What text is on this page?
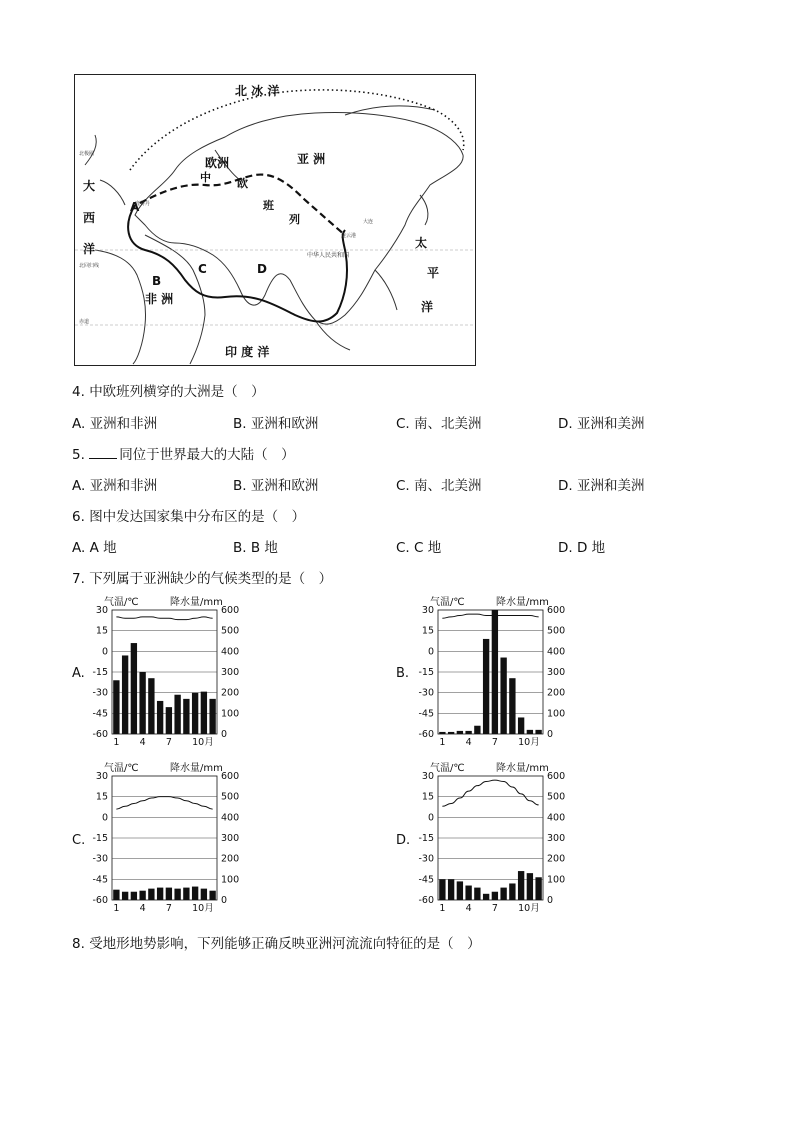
北 冰 洋
大
西
洋	太
平
洋
印 度 洋
欧洲	亚 洲
非 洲
中 欧
班
列
中华人民共和国
A
B
C	D
北极圈
鹿特丹
北回归线
赤道
连云港
大连
4. 中欧班列横穿的大洲是（　）
A. 亚洲和非洲	B. 亚洲和欧洲	C. 南、北美洲	D. 亚洲和美洲
5.	同位于世界最大的大陆（　）
A. 亚洲和非洲	B. 亚洲和欧洲	C. 南、北美洲	D. 亚洲和美洲
6. 图中发达国家集中分布区的是（　）
A. A 地	B. B 地	C. C 地	D. D 地
7. 下列属于亚洲缺少的气候类型的是（　）
A.
气温/℃	降水量/mm
30	600
15	500
0	400
-15	300
-30	200
-45	100
-60	0
1 4 7 10月
B.
气温/℃	降水量/mm
30	600
15	500
0	400
-15	300
-30	200
-45	100
-60	0
1 4 7 10月
C.
气温/℃	降水量/mm
30	600
15	500
0	400
-15	300
-30	200
-45	100
-60	0
1 4 7 10月
D.
气温/℃	降水量/mm
30	600
15	500
0	400
-15	300
-30	200
-45	100
-60	0
1 4 7 10月
8. 受地形地势影响，下列能够正确反映亚洲河流流向特征的是（　）
